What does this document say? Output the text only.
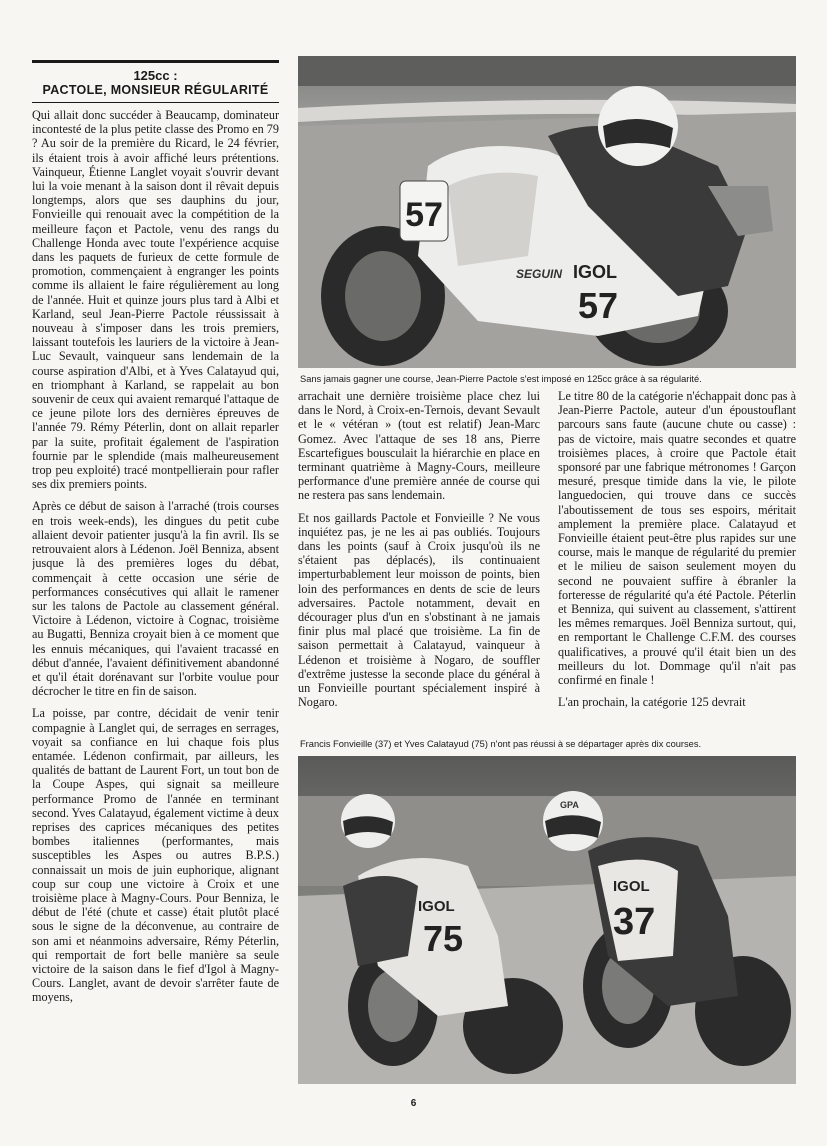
125cc :
PACTOLE, MONSIEUR RÉGULARITÉ

Qui allait donc succéder à Beaucamp, dominateur incontesté de la plus petite classe des Promo en 79 ? Au soir de la première du Ricard, le 24 février, ils étaient trois à avoir affiché leurs prétentions. Vainqueur, Étienne Langlet voyait s'ouvrir devant lui la voie menant à la saison dont il rêvait depuis longtemps, alors que ses dauphins du jour, Fonvieille qui renouait avec la compétition de la meilleure façon et Pactole, venu des rangs du Challenge Honda avec toute l'expérience acquise dans les paquets de furieux de cette formule de promotion, commençaient à engranger les points comme ils allaient le faire régulièrement au long de l'année. Huit et quinze jours plus tard à Albi et Karland, seul Jean-Pierre Pactole réussissait à nouveau à s'imposer dans les trois premiers, laissant toutefois les lauriers de la victoire à Jean-Luc Sevault, vainqueur sans lendemain de la course aspiration d'Albi, et à Yves Calatayud qui, en triomphant à Karland, se rappelait au bon souvenir de ceux qui avaient remarqué l'attaque de ce jeune pilote lors des dernières épreuves de l'année 79. Rémy Péterlin, dont on allait reparler par la suite, profitait également de l'aspiration fournie par le splendide (mais malheureusement trop peu exploité) tracé montpellierain pour rafler ses dix premiers points.

Après ce début de saison à l'arraché (trois courses en trois week-ends), les dingues du petit cube allaient devoir patienter jusqu'à la fin avril. Ils se retrouvaient alors à Lédenon. Joël Benniza, absent jusque là des premières loges du débat, commençait à cette occasion une série de performances consécutives qui allait le ramener sur les talons de Pactole au classement général. Victoire à Lédenon, victoire à Cognac, troisième au Bugatti, Benniza croyait bien à ce moment que les ennuis mécaniques, qui l'avaient tracassé en début d'année, l'avaient définitivement abandonné et qu'il était dorénavant sur l'orbite voulue pour décrocher le titre en fin de saison.

La poisse, par contre, décidait de venir tenir compagnie à Langlet qui, de serrages en serrages, voyait sa confiance en lui chaque fois plus entamée. Lédenon confirmait, par ailleurs, les qualités de battant de Laurent Fort, un tout bon de la Coupe Aspes, qui signait sa meilleure performance Promo de l'année en terminant second. Yves Calatayud, également victime à deux reprises des caprices mécaniques des petites bombes italiennes (performantes, mais susceptibles les Aspes ou autres B.P.S.) connaissait un mois de juin euphorique, alignant coup sur coup une victoire à Croix et une troisième place à Magny-Cours. Pour Benniza, le début de l'été (chute et casse) était plutôt placé sous le signe de la déconvenue, au contraire de son ami et néanmoins adversaire, Rémy Péterlin, qui remportait de fort belle manière sa seule victoire de la saison dans le fief d'Igol à Magny-Cours. Langlet, avant de devoir s'arrêter faute de moyens,

57
IGOL
57
SEGUIN
Sans jamais gagner une course, Jean-Pierre Pactole s'est imposé en 125cc grâce à sa régularité.

arrachait une dernière troisième place chez lui dans le Nord, à Croix-en-Ternois, devant Sevault et le « vétéran » (tout est relatif) Jean-Marc Gomez. Avec l'attaque de ses 18 ans, Pierre Escartefigues bousculait la hiérarchie en place en terminant quatrième à Magny-Cours, meilleure performance d'une première année de course qui ne restera pas sans lendemain.

Et nos gaillards Pactole et Fonvieille ? Ne vous inquiétez pas, je ne les ai pas oubliés. Toujours dans les points (sauf à Croix jusqu'où ils ne s'étaient pas déplacés), ils continuaient imperturbablement leur moisson de points, bien loin des performances en dents de scie de leurs adversaires. Pactole notamment, devait en décourager plus d'un en s'obstinant à ne jamais finir plus mal placé que troisième. La fin de saison permettait à Calatayud, vainqueur à Lédenon et troisième à Nogaro, de souffler d'extrême justesse la seconde place du général à un Fonvieille pourtant spécialement inspiré à Nogaro.

Le titre 80 de la catégorie n'échappait donc pas à Jean-Pierre Pactole, auteur d'un époustouflant parcours sans faute (aucune chute ou casse) : pas de victoire, mais quatre secondes et quatre troisièmes places, à croire que Pactole était sponsoré par une fabrique métronomes ! Garçon mesuré, presque timide dans la vie, le pilote languedocien, qui trouve dans ce succès l'aboutissement de tous ses espoirs, méritait amplement la première place. Calatayud et Fonvieille étaient peut-être plus rapides sur une course, mais le manque de régularité du premier et le milieu de saison seulement moyen du second ne pouvaient suffire à ébranler la forteresse de régularité qu'a été Pactole. Péterlin et Benniza, qui suivent au classement, s'attirent les mêmes remarques. Joël Benniza surtout, qui, en remportant le Challenge C.F.M. des courses qualificatives, a prouvé qu'il était bien un des meilleurs du lot. Dommage qu'il n'ait pas confirmé en finale !

L'an prochain, la catégorie 125 devrait

Francis Fonvieille (37) et Yves Calatayud (75) n'ont pas réussi à se départager après dix courses.
IGOL
75
GPA
IGOL
37
6
